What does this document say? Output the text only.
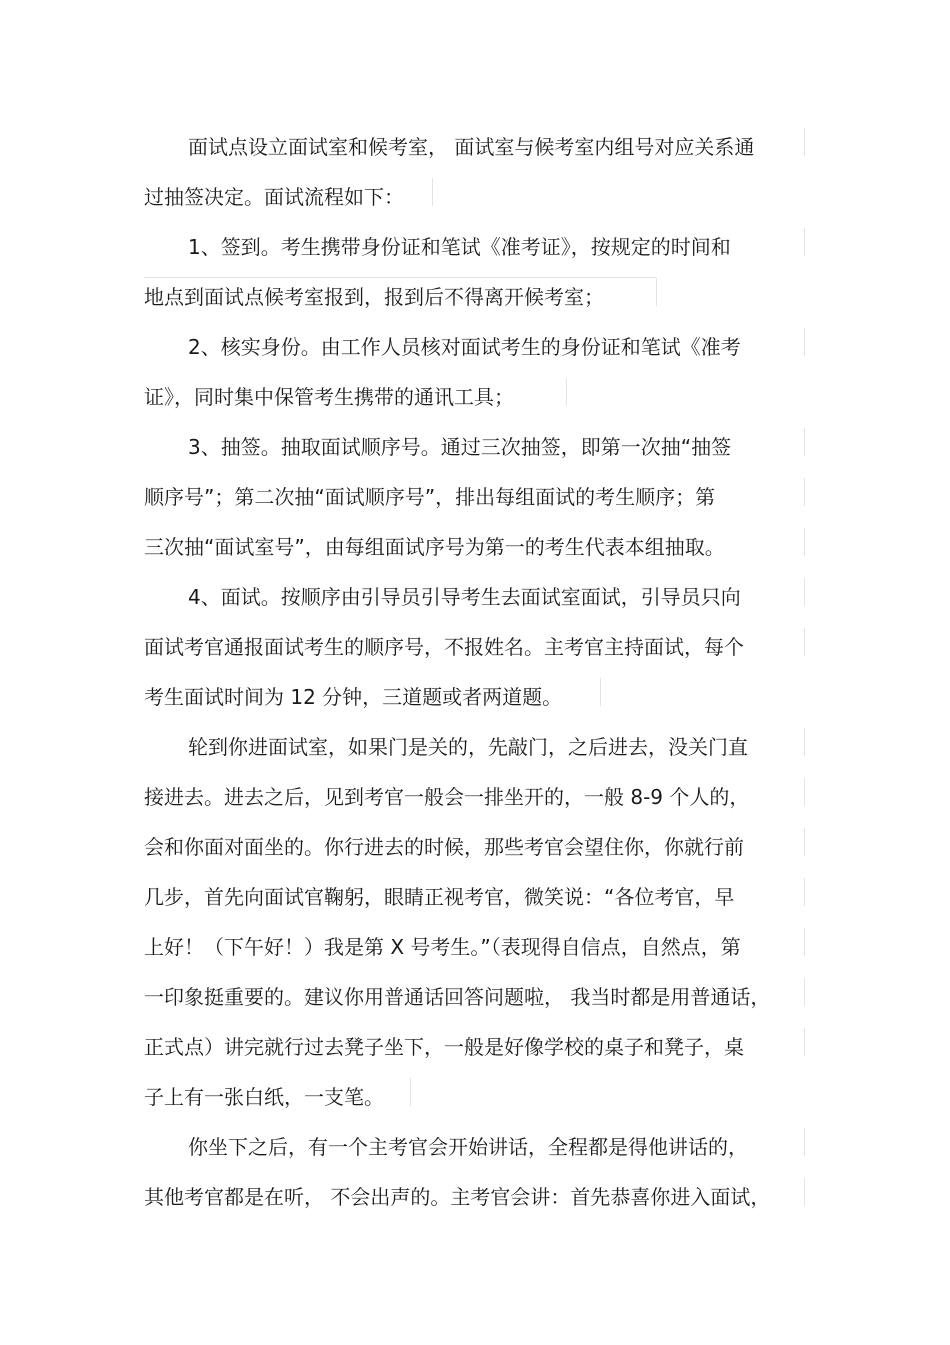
面试点设立面试室和候考室， 面试室与候考室内组号对应关系通
过抽签决定。面试流程如下：
1、签到。考生携带身份证和笔试《准考证》，按规定的时间和
地点到面试点候考室报到，报到后不得离开候考室；
2、核实身份。由工作人员核对面试考生的身份证和笔试《准考
证》，同时集中保管考生携带的通讯工具；
3、抽签。抽取面试顺序号。通过三次抽签，即第一次抽“抽签
顺序号”；第二次抽“面试顺序号”，排出每组面试的考生顺序；第
三次抽“面试室号”，由每组面试序号为第一的考生代表本组抽取。
4、面试。按顺序由引导员引导考生去面试室面试，引导员只向
面试考官通报面试考生的顺序号，不报姓名。主考官主持面试，每个
考生面试时间为 12 分钟，三道题或者两道题。
轮到你进面试室，如果门是关的，先敲门，之后进去，没关门直
接进去。进去之后，见到考官一般会一排坐开的，一般 8-9 个人的，
会和你面对面坐的。你行进去的时候，那些考官会望住你，你就行前
几步，首先向面试官鞠躬，眼睛正视考官，微笑说：“各位考官，早
上好！（下午好！）我是第 X 号考生。”（表现得自信点，自然点，第
一印象挺重要的。建议你用普通话回答问题啦， 我当时都是用普通话，
正式点）讲完就行过去凳子坐下，一般是好像学校的桌子和凳子，桌
子上有一张白纸，一支笔。
你坐下之后，有一个主考官会开始讲话，全程都是得他讲话的，
其他考官都是在听， 不会出声的。主考官会讲：首先恭喜你进入面试，
